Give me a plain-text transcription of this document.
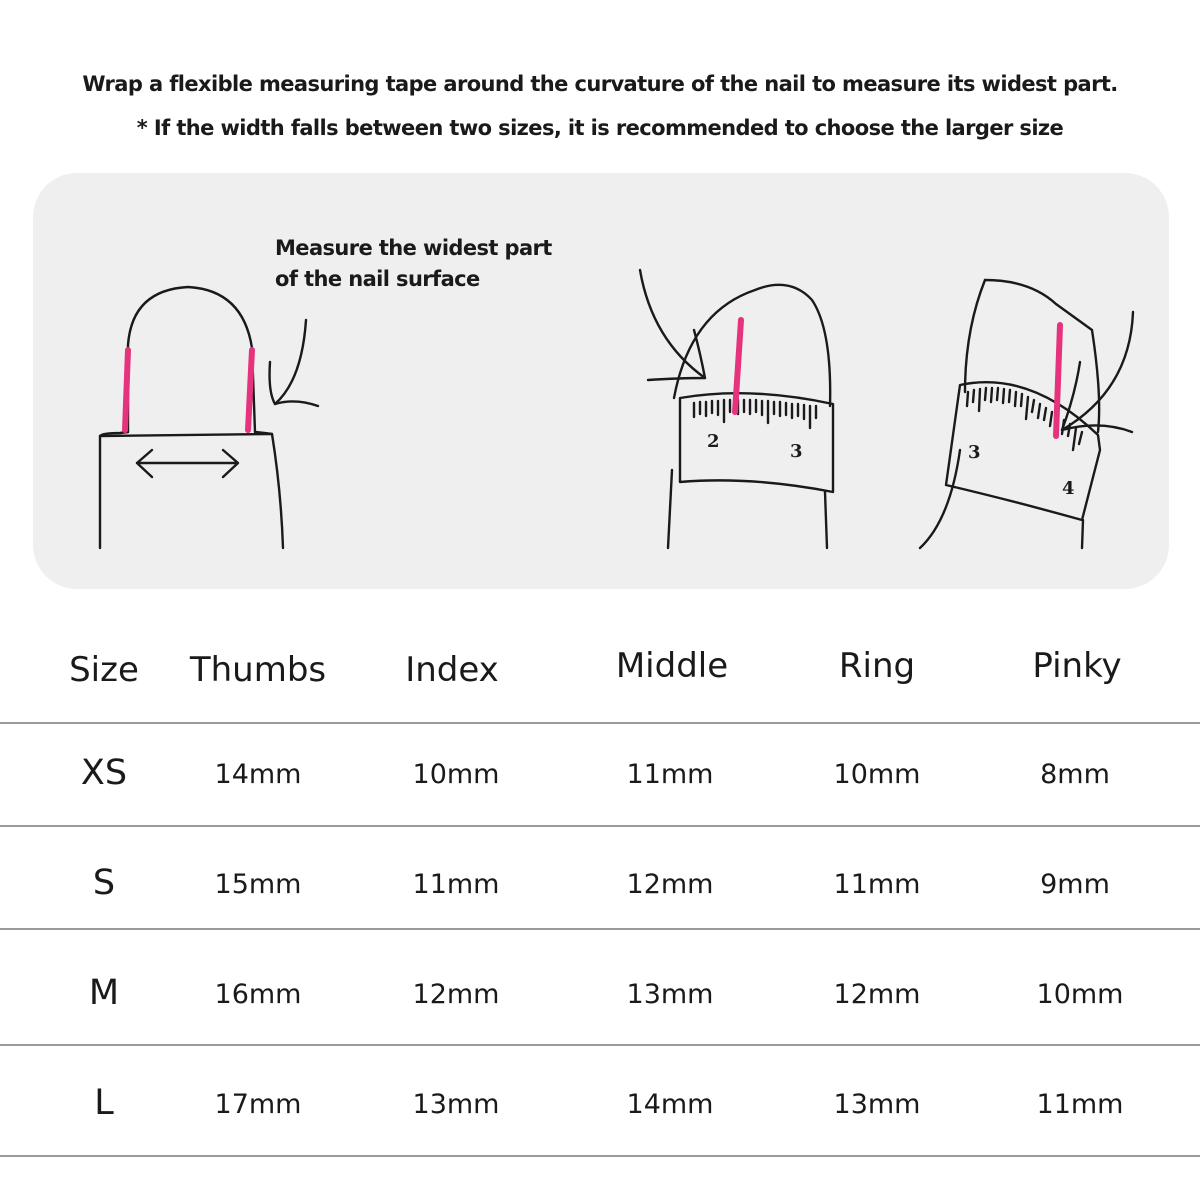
Wrap a flexible measuring tape around the curvature of the nail to measure its widest part.
* If the width falls between two sizes, it is recommended to choose the larger size
2	3	3
4
Measure the widest part
of the nail surface
Size Thumbs Index	Middle	Ring	Pinky
XS	14mm	10mm	11mm	10mm	8mm
S	15mm	11mm	12mm	11mm	9mm
M	16mm	12mm	13mm	12mm	10mm
L	17mm	13mm	14mm	13mm	11mm
